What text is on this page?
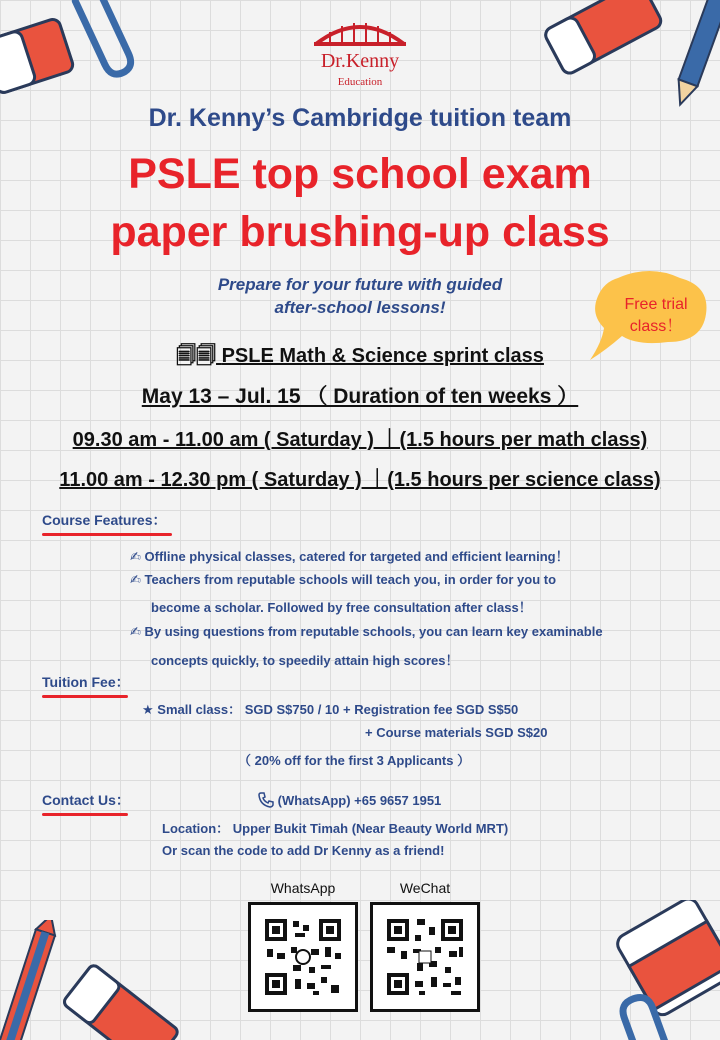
Dr.Kenny
Education
Dr. Kenny’s Cambridge tuition team
PSLE top school exam
paper brushing-up class
Prepare for your future with guided
after-school lessons!	Free trial
class！
🗐🗐 PSLE Math & Science sprint class
May 13 – Jul. 15 （ Duration of ten weeks ）
09.30 am - 11.00 am ( Saturday ) ｜(1.5 hours per math class)
11.00 am - 12.30 pm ( Saturday ) ｜(1.5 hours per science class)
Course Features：
✍ Offline physical classes, catered for targeted and efficient learning！
✍ Teachers from reputable schools will teach you, in order for you to
become a scholar. Followed by free consultation after class！
✍ By using questions from reputable schools, you can learn key examinable
concepts quickly, to speedily attain high scores！
Tuition Fee：
★ Small class： SGD S$750 / 10 + Registration fee SGD S$50
+ Course materials SGD S$20
（ 20% off for the first 3 Applicants ）
Contact Us：	(WhatsApp) +65 9657 1951
Location： Upper Bukit Timah (Near Beauty World MRT)
Or scan the code to add Dr Kenny as a friend!
WhatsApp	WeChat
